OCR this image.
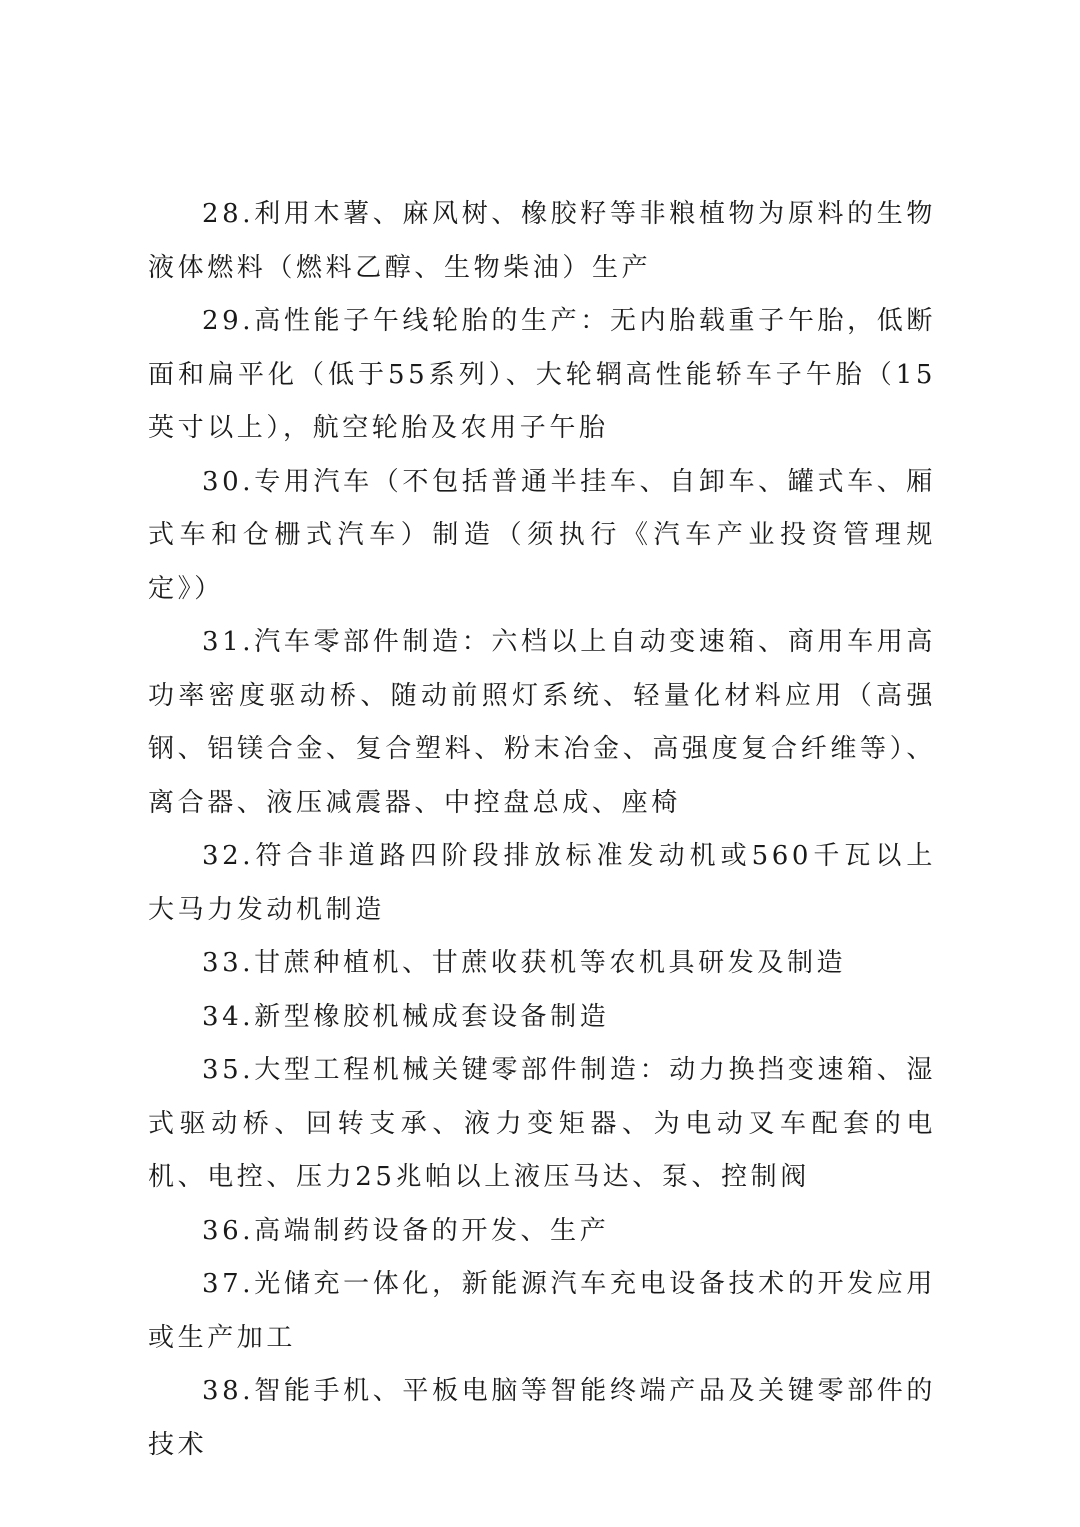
28.利用木薯、麻风树、橡胶籽等非粮植物为原料的生物液体燃料（燃料乙醇、生物柴油）生产

29.高性能子午线轮胎的生产：无内胎载重子午胎，低断面和扁平化（低于55系列）、大轮辋高性能轿车子午胎（15英寸以上），航空轮胎及农用子午胎

30.专用汽车（不包括普通半挂车、自卸车、罐式车、厢式车和仓栅式汽车）制造（须执行《汽车产业投资管理规定》）

31.汽车零部件制造：六档以上自动变速箱、商用车用高功率密度驱动桥、随动前照灯系统、轻量化材料应用（高强钢、铝镁合金、复合塑料、粉末冶金、高强度复合纤维等）、离合器、液压减震器、中控盘总成、座椅

32.符合非道路四阶段排放标准发动机或560千瓦以上大马力发动机制造

33.甘蔗种植机、甘蔗收获机等农机具研发及制造

34.新型橡胶机械成套设备制造

35.大型工程机械关键零部件制造：动力换挡变速箱、湿式驱动桥、回转支承、液力变矩器、为电动叉车配套的电机、电控、压力25兆帕以上液压马达、泵、控制阀

36.高端制药设备的开发、生产

37.光储充一体化，新能源汽车充电设备技术的开发应用或生产加工

38.智能手机、平板电脑等智能终端产品及关键零部件的技术
